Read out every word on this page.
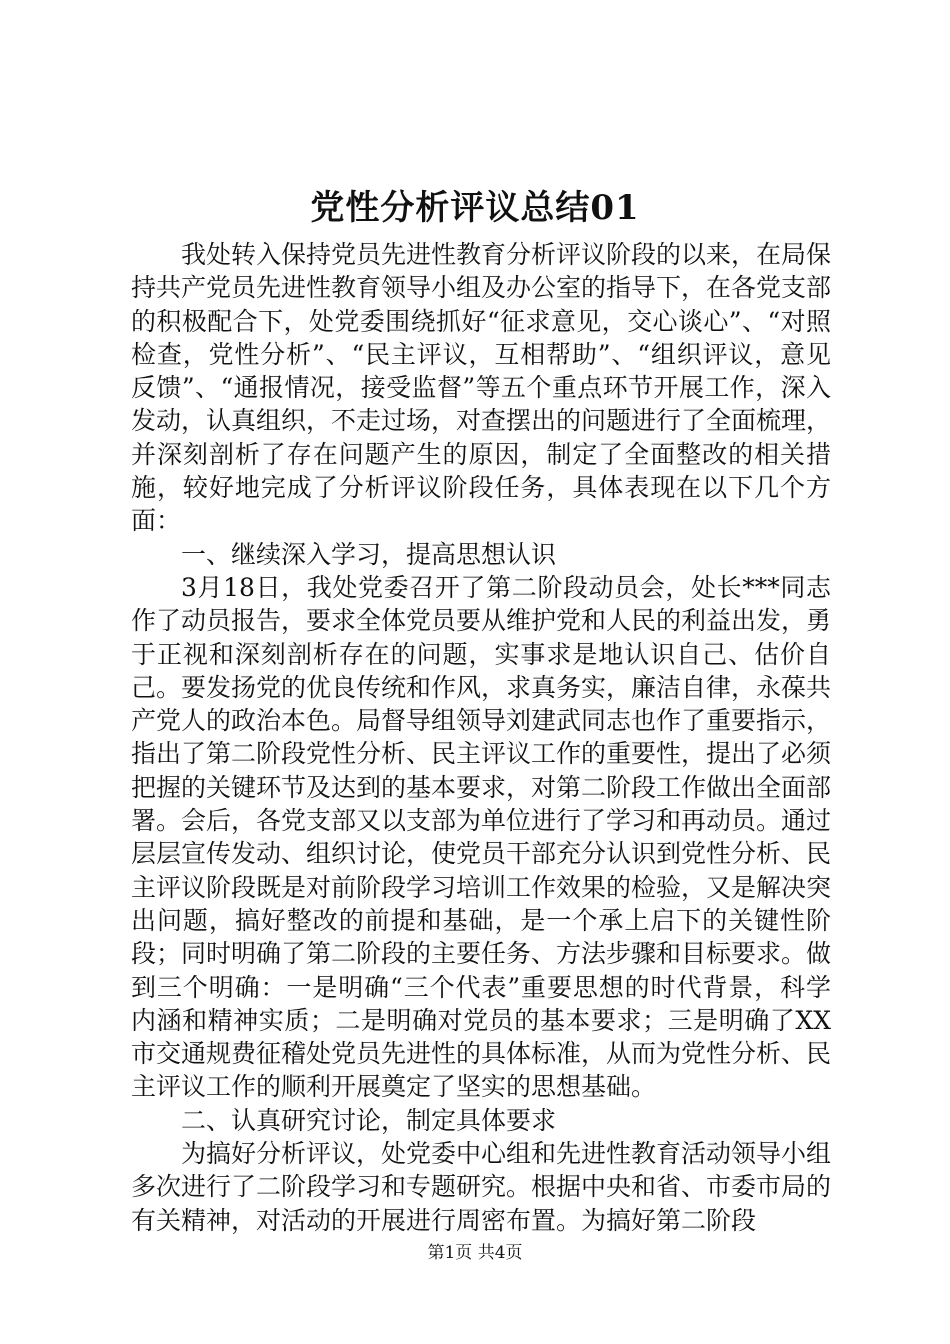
党性分析评议总结01

我处转入保持党员先进性教育分析评议阶段的以来，在局保持共产党员先进性教育领导小组及办公室的指导下，在各党支部的积极配合下，处党委围绕抓好“征求意见，交心谈心”、“对照检查，党性分析”、“民主评议，互相帮助”、“组织评议，意见反馈”、“通报情况，接受监督”等五个重点环节开展工作，深入发动，认真组织，不走过场，对查摆出的问题进行了全面梳理，并深刻剖析了存在问题产生的原因，制定了全面整改的相关措施，较好地完成了分析评议阶段任务，具体表现在以下几个方面：

一、继续深入学习，提高思想认识

3月18日，我处党委召开了第二阶段动员会，处长***同志作了动员报告，要求全体党员要从维护党和人民的利益出发，勇于正视和深刻剖析存在的问题，实事求是地认识自己、估价自己。要发扬党的优良传统和作风，求真务实，廉洁自律，永葆共产党人的政治本色。局督导组领导刘建武同志也作了重要指示，指出了第二阶段党性分析、民主评议工作的重要性，提出了必须把握的关键环节及达到的基本要求，对第二阶段工作做出全面部署。会后，各党支部又以支部为单位进行了学习和再动员。通过层层宣传发动、组织讨论，使党员干部充分认识到党性分析、民主评议阶段既是对前阶段学习培训工作效果的检验，又是解决突出问题，搞好整改的前提和基础，是一个承上启下的关键性阶段；同时明确了第二阶段的主要任务、方法步骤和目标要求。做到三个明确：一是明确“三个代表”重要思想的时代背景，科学内涵和精神实质；二是明确对党员的基本要求；三是明确了XX市交通规费征稽处党员先进性的具体标准，从而为党性分析、民主评议工作的顺利开展奠定了坚实的思想基础。

二、认真研究讨论，制定具体要求

为搞好分析评议，处党委中心组和先进性教育活动领导小组多次进行了二阶段学习和专题研究。根据中央和省、市委市局的有关精神，对活动的开展进行周密布置。为搞好第二阶段

第1页 共4页
